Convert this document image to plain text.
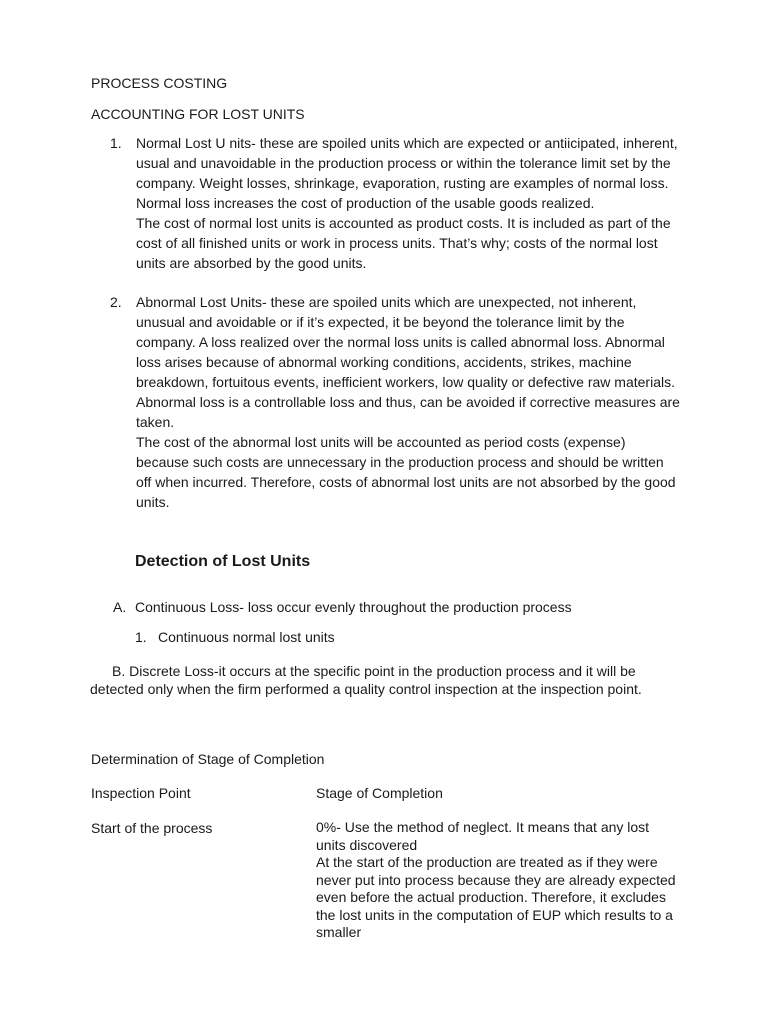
PROCESS COSTING
ACCOUNTING FOR LOST UNITS
1. Normal Lost U nits- these are spoiled units which are expected or antiicipated, inherent, usual and unavoidable in the production process or within the tolerance limit set by the company. Weight losses, shrinkage, evaporation, rusting are examples of normal loss. Normal loss increases the cost of production of the usable goods realized.

The cost of normal lost units is accounted as product costs. It is included as part of the cost of all finished units or work in process units. That’s why; costs of the normal lost units are absorbed by the good units.

2. Abnormal Lost Units- these are spoiled units which are unexpected, not inherent, unusual and avoidable or if it’s expected, it be beyond the tolerance limit by the company. A loss realized over the normal loss units is called abnormal loss. Abnormal loss arises because of abnormal working conditions, accidents, strikes, machine breakdown, fortuitous events, inefficient workers, low quality or defective raw materials. Abnormal loss is a controllable loss and thus, can be avoided if corrective measures are taken.

The cost of the abnormal lost units will be accounted as period costs (expense) because such costs are unnecessary in the production process and should be written off when incurred. Therefore, costs of abnormal lost units are not absorbed by the good units.

Detection of Lost Units
A. Continuous Loss- loss occur evenly throughout the production process
1. Continuous normal lost units

B. Discrete Loss-it occurs at the specific point in the production process and it will be detected only when the firm performed a quality control inspection at the inspection point.

Determination of Stage of Completion
Inspection Point	Stage of Completion
Start of the process	0%- Use the method of neglect. It means that any lost units discovered

At the start of the production are treated as if they were never put into process because they are already expected even before the actual production. Therefore, it excludes the lost units in the computation of EUP which results to a smaller
